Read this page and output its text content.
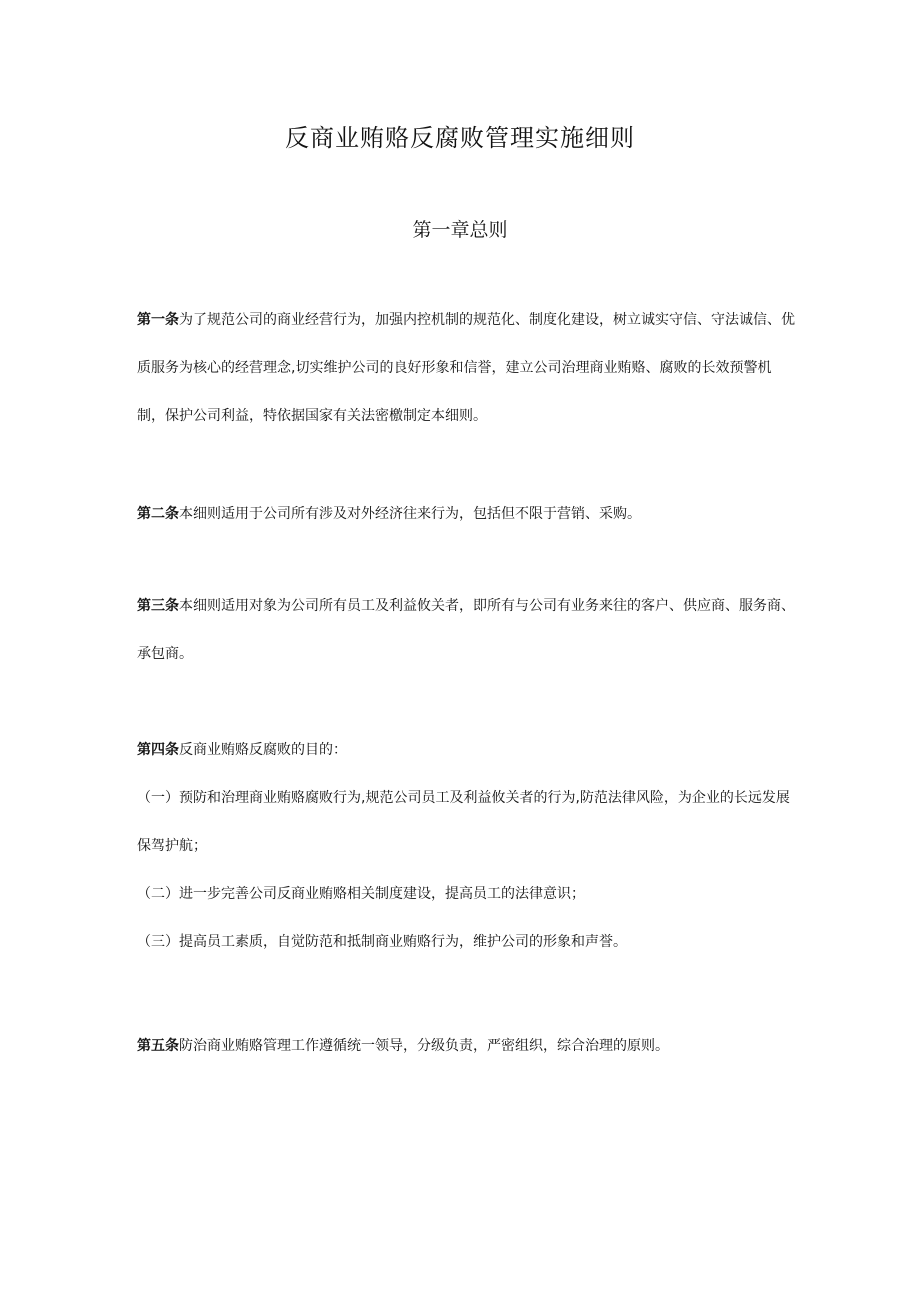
反商业贿赂反腐败管理实施细则
第一章总则

第一条为了规范公司的商业经营行为，加强内控机制的规范化、制度化建设，树立诚实守信、守法诚信、优质服务为核心的经营理念,切实维护公司的良好形象和信誉，建立公司治理商业贿赂、腐败的长效预警机制，保护公司利益，特依据国家有关法密檄制定本细则。

第二条本细则适用于公司所有涉及对外经济往来行为，包括但不限于营销、采购。

第三条本细则适用对象为公司所有员工及利益攸关者，即所有与公司有业务来往的客户、供应商、服务商、承包商。

第四条反商业贿赂反腐败的目的：
（一）预防和治理商业贿赂腐败行为,规范公司员工及利益攸关者的行为,防范法律风险，为企业的长远发展保驾护航；
（二）进一步完善公司反商业贿赂相关制度建设，提高员工的法律意识；
（三）提高员工素质，自觉防范和抵制商业贿赂行为，维护公司的形象和声誉。

第五条防治商业贿赂管理工作遵循统一领导，分级负责，严密组织，综合治理的原则。
